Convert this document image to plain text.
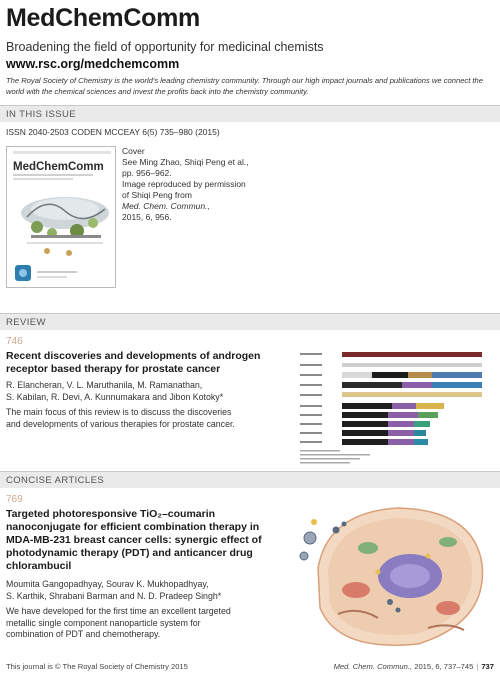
MedChemComm
Broadening the field of opportunity for medicinal chemists
www.rsc.org/medchemcomm
The Royal Society of Chemistry is the world's leading chemistry community. Through our high impact journals and publications we connect the world with the chemical sciences and invest the profits back into the chemistry community.
IN THIS ISSUE
ISSN 2040-2503 CODEN MCCEAY 6(5) 735–980 (2015)
MedChemComm
Cover
See Ming Zhao, Shiqi Peng et al.,
pp. 956–962.
Image reproduced by permission
of Shiqi Peng from
Med. Chem. Commun.,
2015, 6, 956.
REVIEW
746
Recent discoveries and developments of androgen
receptor based therapy for prostate cancer
R. Elancheran, V. L. Maruthanila, M. Ramanathan,
S. Kabilan, R. Devi, A. Kunnumakara and Jibon Kotoky*
The main focus of this review is to discuss the discoveries
and developments of various therapies for prostate cancer.
CONCISE ARTICLES
769
Targeted photoresponsive TiO₂–coumarin
nanoconjugate for efficient combination therapy in
MDA-MB-231 breast cancer cells: synergic effect of
photodynamic therapy (PDT) and anticancer drug
chlorambucil
Moumita Gangopadhyay, Sourav K. Mukhopadhyay,
S. Karthik, Shrabani Barman and N. D. Pradeep Singh*
We have developed for the first time an excellent targeted
metallic single component nanoparticle system for
combination of PDT and chemotherapy.
This journal is © The Royal Society of Chemistry 2015	Med. Chem. Commun., 2015, 6, 737–745 | 737
